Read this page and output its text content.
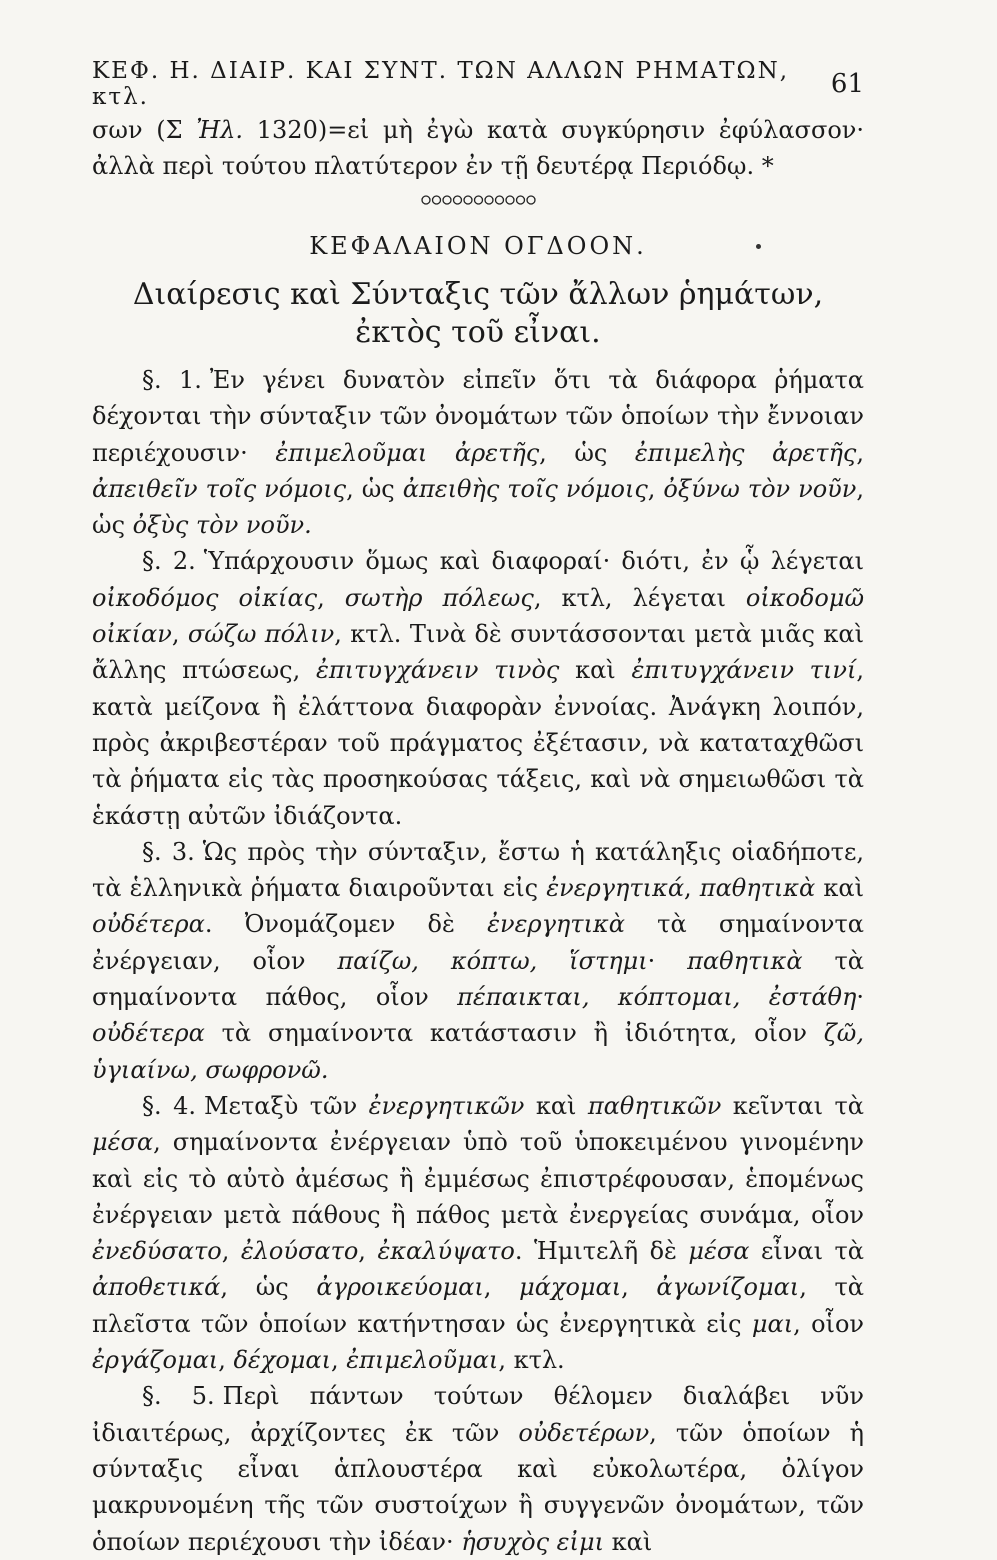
ΚΕΦ. Η. ΔΙΑΙΡ. ΚΑΙ ΣΥΝΤ. ΤΩΝ ΑΛΛΩΝ ΡΗΜΑΤΩΝ, κτλ.	61

σων (Σ Ἠλ. 1320)=εἰ μὴ ἐγὼ κατὰ συγκύρησιν ἐφύλασσον· ἀλλὰ περὶ τούτου πλατύτερον ἐν τῇ δευτέρᾳ Περιόδῳ. *

ΚΕΦΑΛΑΙΟΝ ΟΓΔΟΟΝ.

Διαίρεσις καὶ Σύνταξις τῶν ἄλλων ῥημάτων,
ἐκτὸς τοῦ εἶναι.

§. 1. Ἐν γένει δυνατὸν εἰπεῖν ὅτι τὰ διάφορα ῥήματα δέχονται τὴν σύνταξιν τῶν ὀνομάτων τῶν ὁποίων τὴν ἔννοιαν περιέχουσιν· ἐπιμελοῦμαι ἀρετῆς, ὡς ἐπιμελὴς ἀρετῆς, ἀπειθεῖν τοῖς νόμοις, ὡς ἀπειθὴς τοῖς νόμοις, ὀξύνω τὸν νοῦν, ὡς ὀξὺς τὸν νοῦν.

§. 2. Ὑπάρχουσιν ὅμως καὶ διαφοραί· διότι, ἐν ᾧ λέγεται οἰκοδόμος οἰκίας, σωτὴρ πόλεως, κτλ, λέγεται οἰκοδομῶ οἰκίαν, σώζω πόλιν, κτλ. Τινὰ δὲ συντάσσονται μετὰ μιᾶς καὶ ἄλλης πτώσεως, ἐπιτυγχάνειν τινὸς καὶ ἐπιτυγχάνειν τινί, κατὰ μείζονα ἢ ἐλάττονα διαφορὰν ἐννοίας. Ἀνάγκη λοιπόν, πρὸς ἀκριβεστέραν τοῦ πράγματος ἐξέτασιν, νὰ καταταχθῶσι τὰ ῥήματα εἰς τὰς προσηκούσας τάξεις, καὶ νὰ σημειωθῶσι τὰ ἑκάστῃ αὐτῶν ἰδιάζοντα.

§. 3. Ὡς πρὸς τὴν σύνταξιν, ἔστω ἡ κατάληξις οἱαδήποτε, τὰ ἑλληνικὰ ῥήματα διαιροῦνται εἰς ἐνεργητικά, παθητικὰ καὶ οὐδέτερα. Ὀνομάζομεν δὲ ἐνεργητικὰ τὰ σημαίνοντα ἐνέργειαν, οἷον παίζω, κόπτω, ἵστημι· παθητικὰ τὰ σημαίνοντα πάθος, οἷον πέπαικται, κόπτομαι, ἐστάθη· οὐδέτερα τὰ σημαίνοντα κατάστασιν ἢ ἰδιότητα, οἷον ζῶ, ὑγιαίνω, σωφρονῶ.

§. 4. Μεταξὺ τῶν ἐνεργητικῶν καὶ παθητικῶν κεῖνται τὰ μέσα, σημαίνοντα ἐνέργειαν ὑπὸ τοῦ ὑποκειμένου γινομένην καὶ εἰς τὸ αὐτὸ ἀμέσως ἢ ἐμμέσως ἐπιστρέφουσαν, ἑπομένως ἐνέργειαν μετὰ πάθους ἢ πάθος μετὰ ἐνεργείας συνάμα, οἷον ἐνεδύσατο, ἐλούσατο, ἐκαλύψατο. Ἡμιτελῆ δὲ μέσα εἶναι τὰ ἀποθετικά, ὡς ἀγροικεύομαι, μάχομαι, ἀγωνίζομαι, τὰ πλεῖστα τῶν ὁποίων κατήντησαν ὡς ἐνεργητικὰ εἰς μαι, οἷον ἐργάζομαι, δέχομαι, ἐπιμελοῦμαι, κτλ.

§. 5. Περὶ πάντων τούτων θέλομεν διαλάβει νῦν ἰδιαιτέρως, ἀρχίζοντες ἐκ τῶν οὐδετέρων, τῶν ὁποίων ἡ σύνταξις εἶναι ἁπλουστέρα καὶ εὐκολωτέρα, ὀλίγον μακρυνομένη τῆς τῶν συστοίχων ἢ συγγενῶν ὀνομάτων, τῶν ὁποίων περιέχουσι τὴν ἰδέαν· ἡσυχὸς εἰμι καὶ
